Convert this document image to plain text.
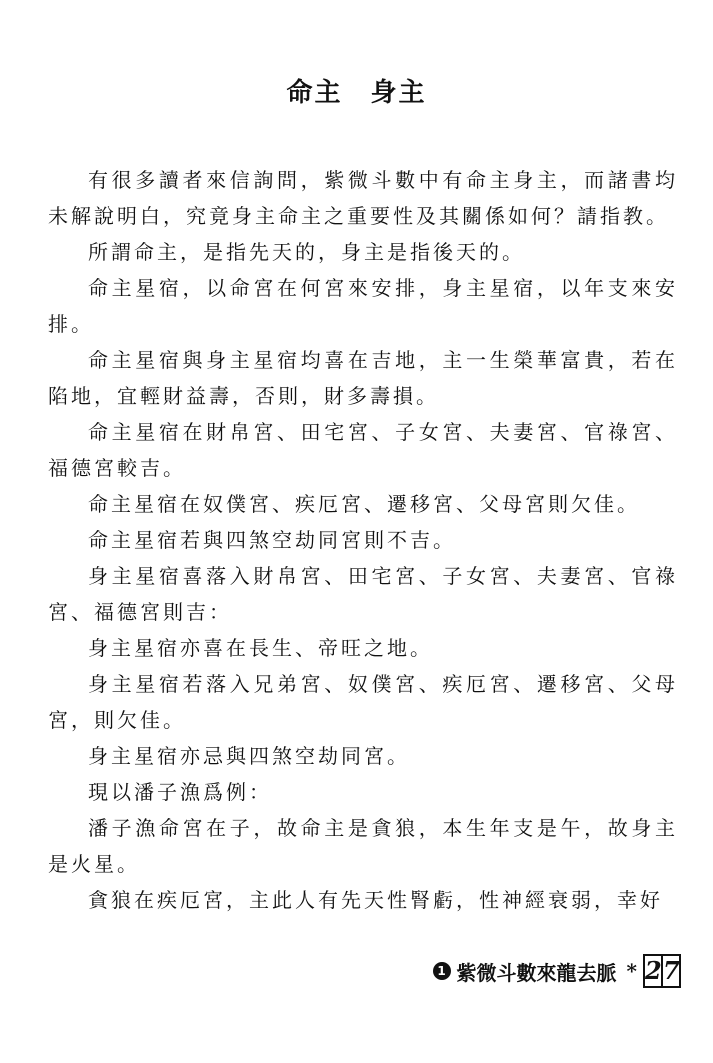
命主　身主

有很多讀者來信詢問，紫微斗數中有命主身主，而諸書均未解說明白，究竟身主命主之重要性及其關係如何？請指教。

所謂命主，是指先天的，身主是指後天的。

命主星宿，以命宮在何宮來安排，身主星宿，以年支來安排。

命主星宿與身主星宿均喜在吉地，主一生榮華富貴，若在陷地，宜輕財益壽，否則，財多壽損。

命主星宿在財帛宮、田宅宮、子女宮、夫妻宮、官祿宮、福德宮較吉。

命主星宿在奴僕宮、疾厄宮、遷移宮、父母宮則欠佳。

命主星宿若與四煞空劫同宮則不吉。

身主星宿喜落入財帛宮、田宅宮、子女宮、夫妻宮、官祿宮、福德宮則吉：

身主星宿亦喜在長生、帝旺之地。

身主星宿若落入兄弟宮、奴僕宮、疾厄宮、遷移宮、父母宮，則欠佳。

身主星宿亦忌與四煞空劫同宮。

現以潘子漁爲例：

潘子漁命宮在子，故命主是貪狼，本生年支是午，故身主是火星。

貪狼在疾厄宮，主此人有先天性腎虧，性神經衰弱，幸好

1 紫微斗數來龍去脈 * 2 7
